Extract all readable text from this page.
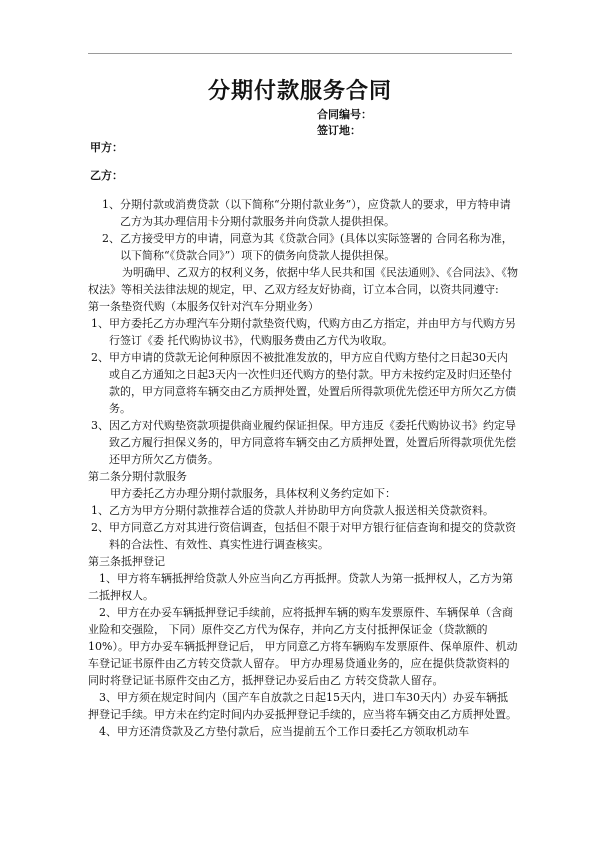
分期付款服务合同
合同编号：
签订地：
甲方：
乙方：
1、 分期付款或消费贷款（以下简称“分期付款业务”），应贷款人的要求，甲方特申请乙方为其办理信用卡分期付款服务并向贷款人提供担保。
2、 乙方接受甲方的申请，同意为其《贷款合同》(具体以实际签署的 合同名称为准，以下简称“《贷款合同》”）项下的债务向贷款人提供担保。

为明确甲、乙双方的权利义务，依据中华人民共和国《民法通则》、《合同法》、《物权法》等相关法律法规的规定，甲、乙双方经友好协商，订立本合同，以资共同遵守:

第一条垫资代购（本服务仅针对汽车分期业务）

1、 甲方委托乙方办理汽车分期付款垫资代购，代购方由乙方指定，并由甲方与代购方另行签订《委 托代购协议书》，代购服务费由乙方代为收取。
2、 甲方申请的贷款无论何种原因不被批准发放的，甲方应自代购方垫付之日起30天内或自乙方通知之日起3天内一次性归还代购方的垫付款。甲方未按约定及时归还垫付款的，甲方同意将车辆交由乙方质押处置，处置后所得款项优先偿还甲方所欠乙方债务。
3、 因乙方对代购垫资款项提供商业履约保证担保。甲方违反《委托代购协议书》约定导致乙方履行担保义务的，甲方同意将车辆交由乙方质押处置，处置后所得款项优先偿还甲方所欠乙方债务。

第二条分期付款服务

甲方委托乙方办理分期付款服务，具体权利义务约定如下：

1、 乙方为甲方分期付款推荐合适的贷款人并协助甲方向贷款人报送相关贷款资料。
2、 甲方同意乙方对其进行资信调查，包括但不限于对甲方银行征信查询和提交的贷款资料的合法性、有效性、真实性进行调查核实。

第三条抵押登记

1、甲方将车辆抵押给贷款人外应当向乙方再抵押。贷款人为第一抵押权人，乙方为第二抵押权人。

2、甲方在办妥车辆抵押登记手续前，应将抵押车辆的购车发票原件、车辆保单（含商业险和交强险， 下同）原件交乙方代为保存，并向乙方支付抵押保证金（贷款额的10%）。甲方办妥车辆抵押登记后， 甲方同意乙方将车辆购车发票原件、保单原件、机动车登记证书原件由乙方转交贷款人留存。 甲方办理易贷通业务的，应在提供贷款资料的同时将登记证书原件交由乙方，抵押登记办妥后由乙 方转交贷款人留存。

3、甲方须在规定时间内（国产车自放款之日起15天内，进口车30天内）办妥车辆抵押登记手续。甲方未在约定时间内办妥抵押登记手续的，应当将车辆交由乙方质押处置。

4、甲方还清贷款及乙方垫付款后，应当提前五个工作日委托乙方领取机动车
